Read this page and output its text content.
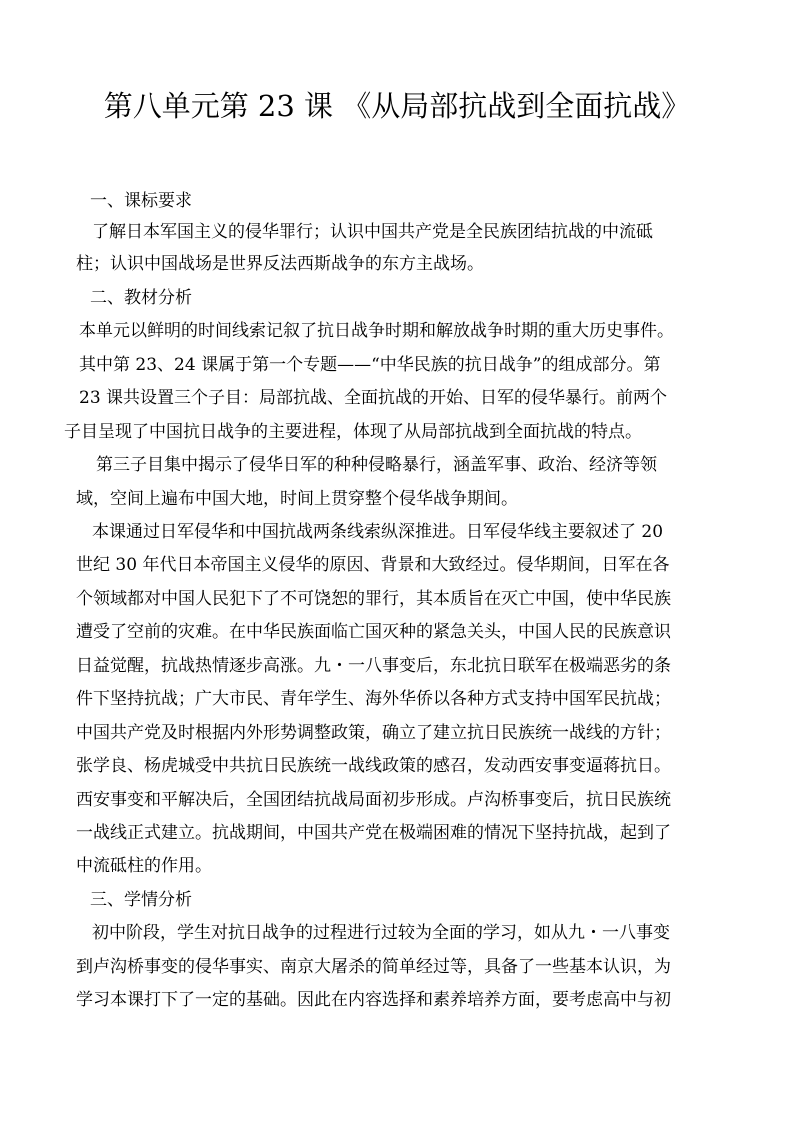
第八单元第 23 课 《从局部抗战到全面抗战》
一、课标要求
了解日本军国主义的侵华罪行；认识中国共产党是全民族团结抗战的中流砥
柱；认识中国战场是世界反法西斯战争的东方主战场。
二、教材分析
本单元以鲜明的时间线索记叙了抗日战争时期和解放战争时期的重大历史事件。
其中第 23、24 课属于第一个专题——“中华民族的抗日战争”的组成部分。第
23 课共设置三个子目：局部抗战、全面抗战的开始、日军的侵华暴行。前两个
子目呈现了中国抗日战争的主要进程，体现了从局部抗战到全面抗战的特点。
第三子目集中揭示了侵华日军的种种侵略暴行，涵盖军事、政治、经济等领
域，空间上遍布中国大地，时间上贯穿整个侵华战争期间。
本课通过日军侵华和中国抗战两条线索纵深推进。日军侵华线主要叙述了 20
世纪 30 年代日本帝国主义侵华的原因、背景和大致经过。侵华期间，日军在各
个领域都对中国人民犯下了不可饶恕的罪行，其本质旨在灭亡中国，使中华民族
遭受了空前的灾难。在中华民族面临亡国灭种的紧急关头，中国人民的民族意识
日益觉醒，抗战热情逐步高涨。九・一八事变后，东北抗日联军在极端恶劣的条
件下坚持抗战；广大市民、青年学生、海外华侨以各种方式支持中国军民抗战；
中国共产党及时根据内外形势调整政策，确立了建立抗日民族统一战线的方针；
张学良、杨虎城受中共抗日民族统一战线政策的感召，发动西安事变逼蒋抗日。
西安事变和平解决后，全国团结抗战局面初步形成。卢沟桥事变后，抗日民族统
一战线正式建立。抗战期间，中国共产党在极端困难的情况下坚持抗战，起到了
中流砥柱的作用。
三、学情分析
初中阶段，学生对抗日战争的过程进行过较为全面的学习，如从九・一八事变
到卢沟桥事变的侵华事实、南京大屠杀的简单经过等，具备了一些基本认识，为
学习本课打下了一定的基础。因此在内容选择和素养培养方面，要考虑高中与初
